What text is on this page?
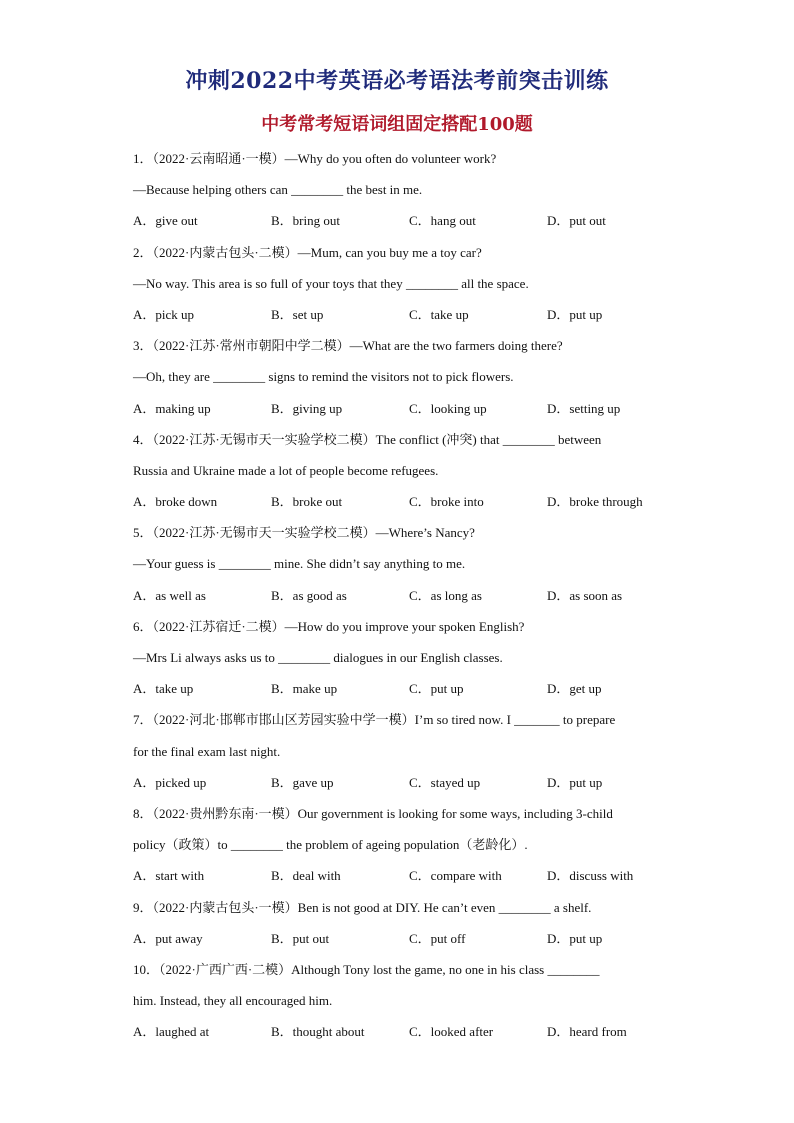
冲刺2022中考英语必考语法考前突击训练
中考常考短语词组固定搭配100题
1．（2022·云南昭通·一模）—Why do you often do volunteer work?
—Because helping others can ________ the best in me.
A．give out	B．bring out	C．hang out	D．put out
2．（2022·内蒙古包头·二模）—Mum, can you buy me a toy car?
—No way. This area is so full of your toys that they ________ all the space.
A．pick up	B．set up	C．take up	D．put up
3．（2022·江苏·常州市朝阳中学二模）—What are the two farmers doing there?
—Oh, they are ________ signs to remind the visitors not to pick flowers.
A．making up	B．giving up	C．looking up	D．setting up
4．（2022·江苏·无锡市天一实验学校二模）The conflict (冲突) that ________ between
Russia and Ukraine made a lot of people become refugees.
A．broke down	B．broke out	C．broke into	D．broke through
5．（2022·江苏·无锡市天一实验学校二模）—Where’s Nancy?
—Your guess is ________ mine. She didn’t say anything to me.
A．as well as	B．as good as	C．as long as	D．as soon as
6．（2022·江苏宿迁·二模）—How do you improve your spoken English?
—Mrs Li always asks us to ________ dialogues in our English classes.
A．take up	B．make up	C．put up	D．get up
7．（2022·河北·邯郸市邯山区芳园实验中学一模）I’m so tired now. I _______ to prepare
for the final exam last night.
A．picked up	B．gave up	C．stayed up	D．put up
8．（2022·贵州黔东南·一模）Our government is looking for some ways, including 3-child
policy（政策）to ________ the problem of ageing population（老龄化）.
A．start with	B．deal with	C．compare with	D．discuss with
9．（2022·内蒙古包头·一模）Ben is not good at DIY. He can’t even ________ a shelf.
A．put away	B．put out	C．put off	D．put up
10．（2022·广西广西·二模）Although Tony lost the game, no one in his class ________
him. Instead, they all encouraged him.
A．laughed at	B．thought about	C．looked after	D．heard from
